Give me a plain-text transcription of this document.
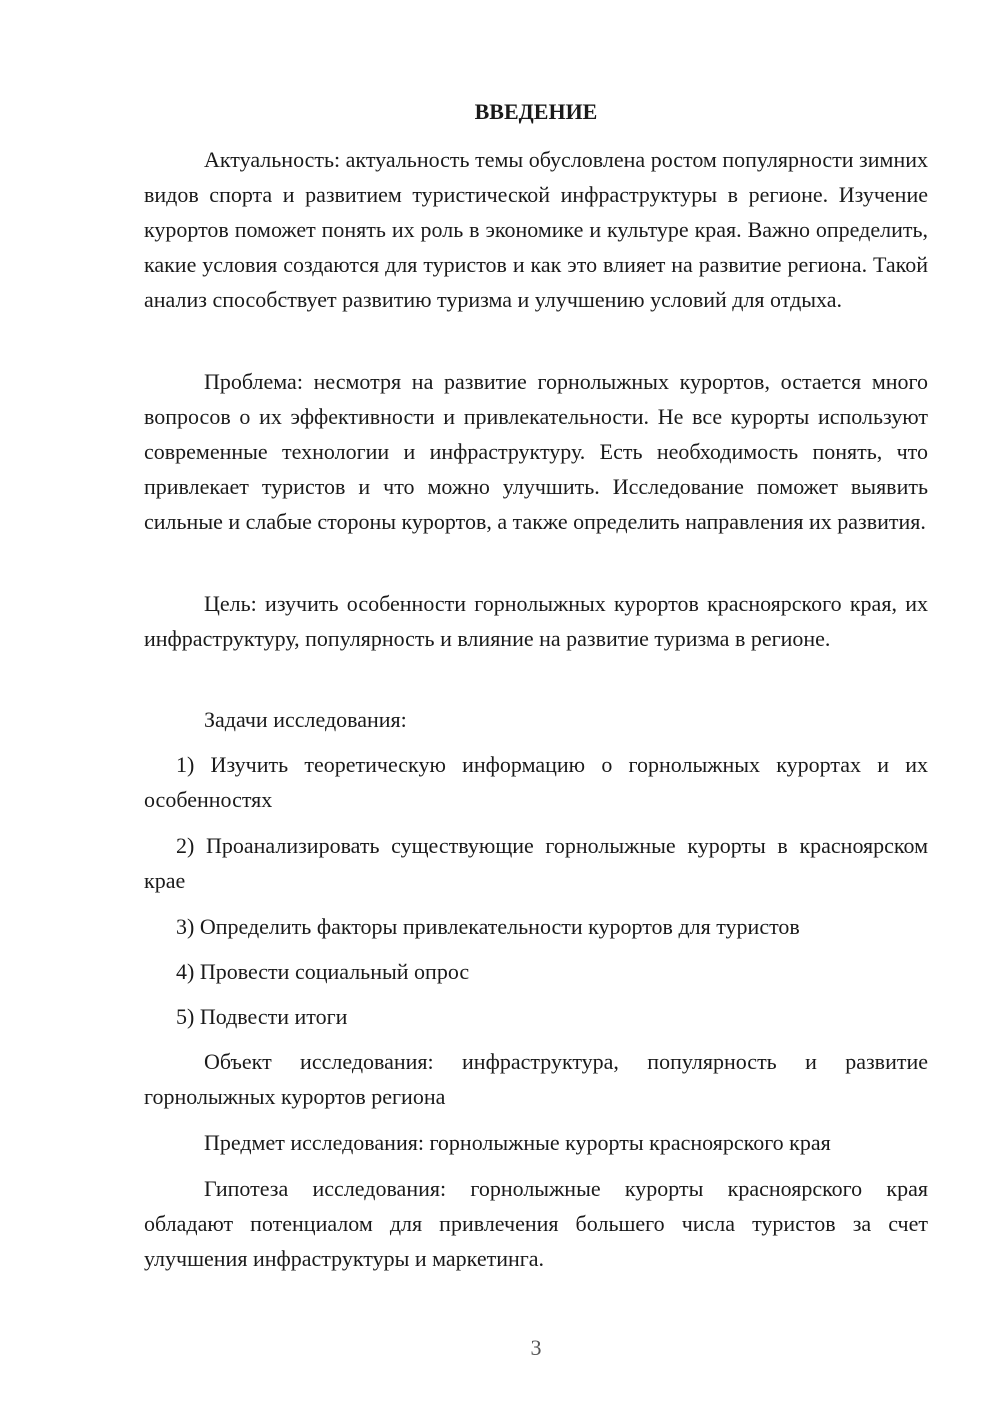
ВВЕДЕНИЕ
Актуальность: актуальность темы обусловлена ростом популярности зимних видов спорта и развитием туристической инфраструктуры в регионе. Изучение курортов поможет понять их роль в экономике и культуре края. Важно определить, какие условия создаются для туристов и как это влияет на развитие региона. Такой анализ способствует развитию туризма и улучшению условий для отдыха.
Проблема: несмотря на развитие горнолыжных курортов, остается много вопросов о их эффективности и привлекательности. Не все курорты используют современные технологии и инфраструктуру. Есть необходимость понять, что привлекает туристов и что можно улучшить. Исследование поможет выявить сильные и слабые стороны курортов, а также определить направления их развития.
Цель: изучить особенности горнолыжных курортов красноярского края, их инфраструктуру, популярность и влияние на развитие туризма в регионе.
Задачи исследования:
1) Изучить теоретическую информацию о горнолыжных курортах и их особенностях
2) Проанализировать существующие горнолыжные курорты в красноярском крае
3) Определить факторы привлекательности курортов для туристов
4) Провести социальный опрос
5) Подвести итоги
Объект исследования: инфраструктура, популярность и развитие горнолыжных курортов региона
Предмет исследования: горнолыжные курорты красноярского края
Гипотеза исследования: горнолыжные курорты красноярского края обладают потенциалом для привлечения большего числа туристов за счет улучшения инфраструктуры и маркетинга.
3
